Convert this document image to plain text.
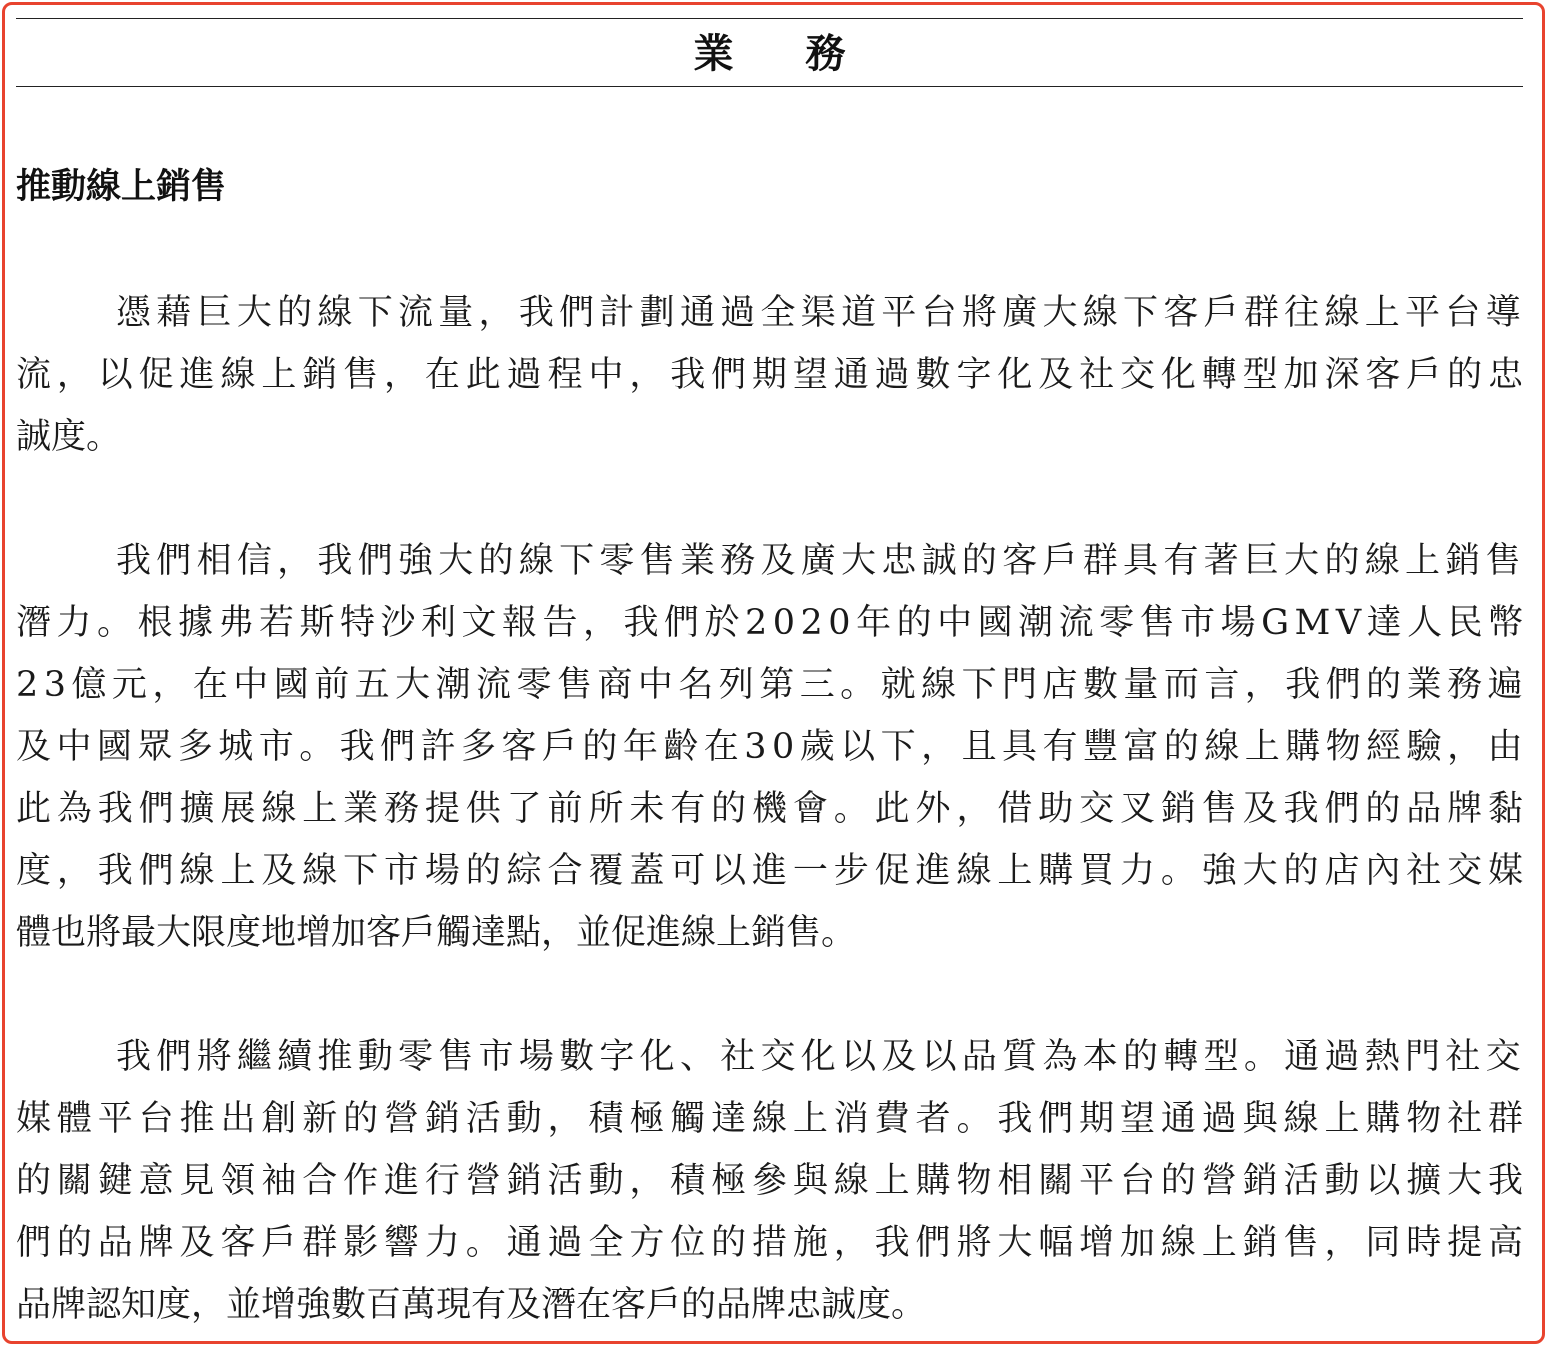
業務
推動線上銷售
憑藉巨大的線下流量，我們計劃通過全渠道平台將廣大線下客戶群往線上平台導
流，以促進線上銷售，在此過程中，我們期望通過數字化及社交化轉型加深客戶的忠
誠度。
我們相信，我們強大的線下零售業務及廣大忠誠的客戶群具有著巨大的線上銷售
潛力。根據弗若斯特沙利文報告，我們於2020年的中國潮流零售市場GMV達人民幣
23億元，在中國前五大潮流零售商中名列第三。就線下門店數量而言，我們的業務遍
及中國眾多城市。我們許多客戶的年齡在30歲以下，且具有豐富的線上購物經驗，由
此為我們擴展線上業務提供了前所未有的機會。此外，借助交叉銷售及我們的品牌黏
度，我們線上及線下市場的綜合覆蓋可以進一步促進線上購買力。強大的店內社交媒
體也將最大限度地增加客戶觸達點，並促進線上銷售。
我們將繼續推動零售市場數字化、社交化以及以品質為本的轉型。通過熱門社交
媒體平台推出創新的營銷活動，積極觸達線上消費者。我們期望通過與線上購物社群
的關鍵意見領袖合作進行營銷活動，積極參與線上購物相關平台的營銷活動以擴大我
們的品牌及客戶群影響力。通過全方位的措施，我們將大幅增加線上銷售，同時提高
品牌認知度，並增強數百萬現有及潛在客戶的品牌忠誠度。
